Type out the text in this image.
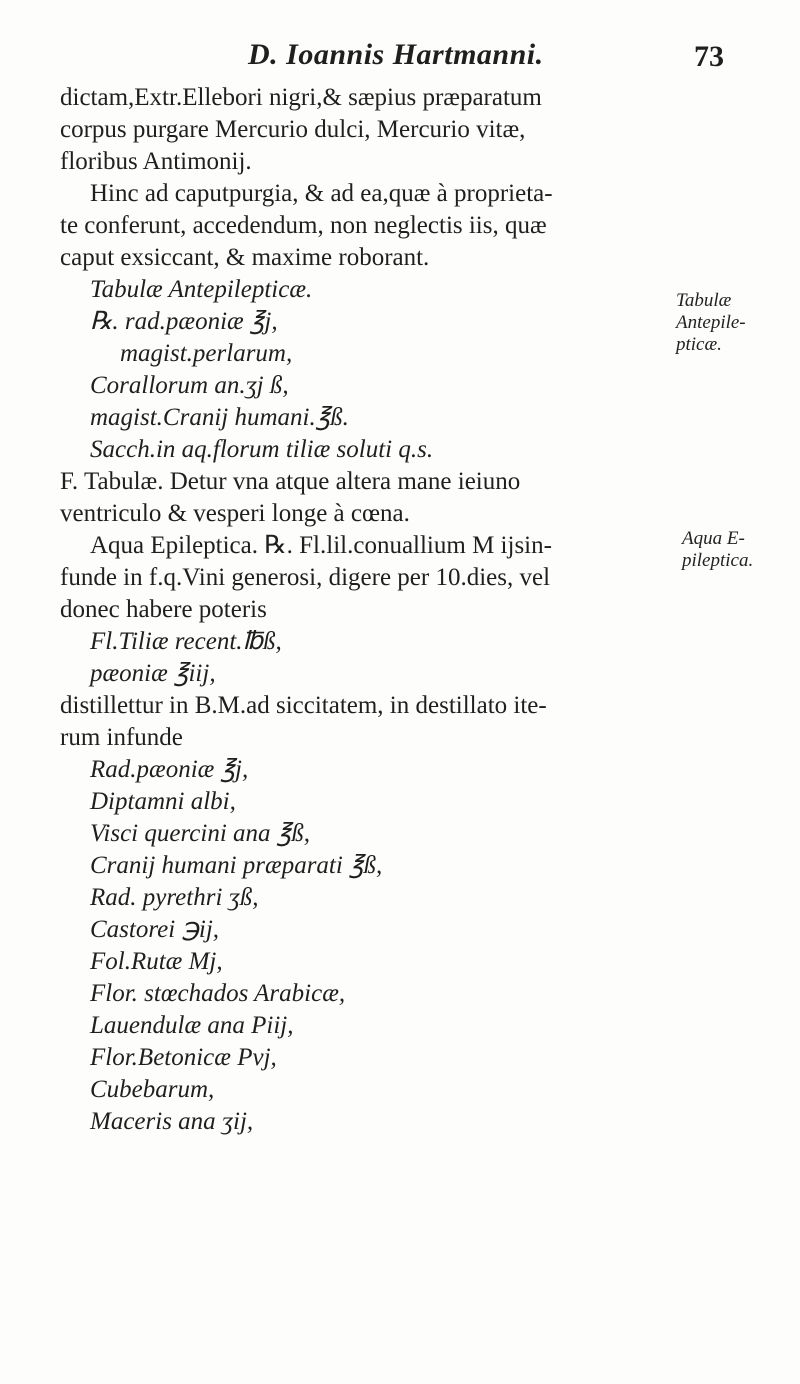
D. Ioannis Hartmanni.	73
dictam,Extr.Ellebori nigri,& sæpius præparatum
corpus purgare Mercurio dulci, Mercurio vitæ,
floribus Antimonij.
Hinc ad caputpurgia, & ad ea,quæ à proprieta-
te conferunt, accedendum, non neglectis iis, quæ
caput exsiccant, & maxime roborant.
Tabulæ Antepilepticæ.
℞. rad.pæoniæ ℥j,
magist.perlarum,
Corallorum an.ʒj ß,
magist.Cranij humani.℥ß.
Sacch.in aq.florum tiliæ soluti q.s.
F. Tabulæ. Detur vna atque altera mane ieiuno
ventriculo & vesperi longe à cœna.
Aqua Epileptica. ℞. Fl.lil.conuallium M ijsin-
funde in f.q.Vini generosi, digere per 10.dies, vel
donec habere poteris
Fl.Tiliæ recent.℔ß,
pæoniæ ℥iij,
distillettur in B.M.ad siccitatem, in destillato ite-
rum infunde
Rad.pæoniæ ℥j,
Diptamni albi,
Visci quercini ana ℥ß,
Cranij humani præparati ℥ß,
Rad. pyrethri ʒß,
Castorei ℈ij,
Fol.Rutæ Mj,
Flor. stœchados Arabicæ,
Lauendulæ ana Piij,
Flor.Betonicæ Pvj,
Cubebarum,
Maceris ana ʒij,
Tabulæ
Antepile-
pticæ.
Aqua E-
pileptica.
